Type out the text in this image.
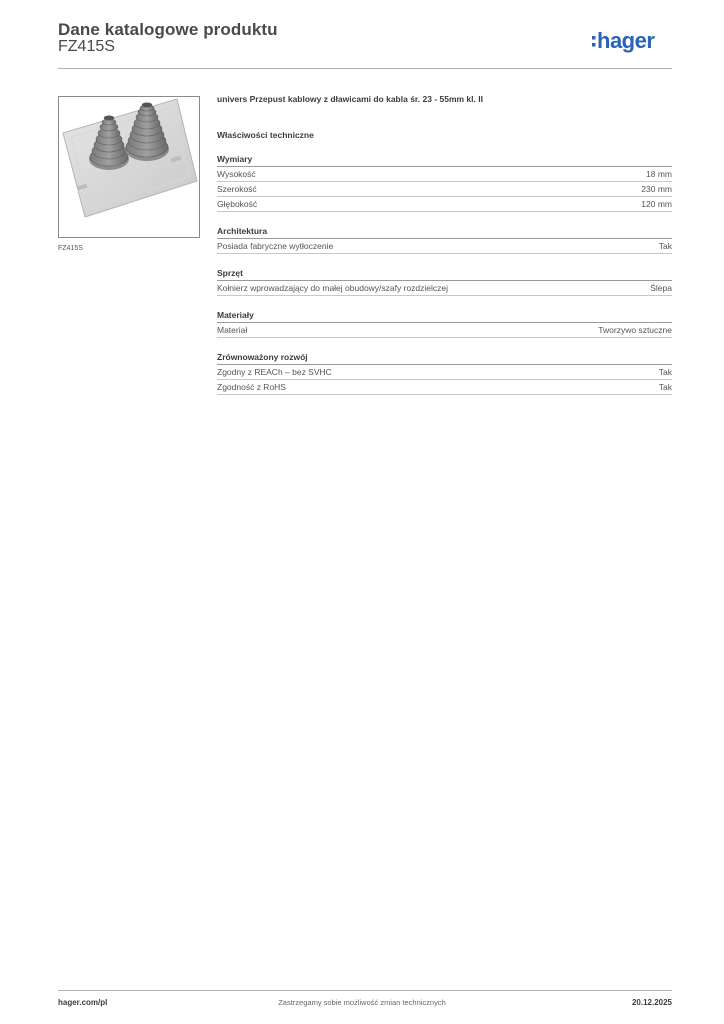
Dane katalogowe produktu
FZ415S	hager
FZ415S
univers Przepust kablowy z dławicami do kabla śr. 23 - 55mm kl. II
Właściwości techniczne
Wymiary
Wysokość	18 mm
Szerokość	230 mm
Głębokość	120 mm
Architektura
Posiada fabryczne wytłoczenie	Tak
Sprzęt
Kołnierz wprowadzający do małej obudowy/szafy rozdzielczej	Ślepa
Materiały
Materiał	Tworzywo sztuczne
Zrównoważony rozwój
Zgodny z REACh – bez SVHC	Tak
Zgodność z RoHS	Tak
hager.com/pl	Zastrzegamy sobie możliwość zmian technicznych	20.12.2025
